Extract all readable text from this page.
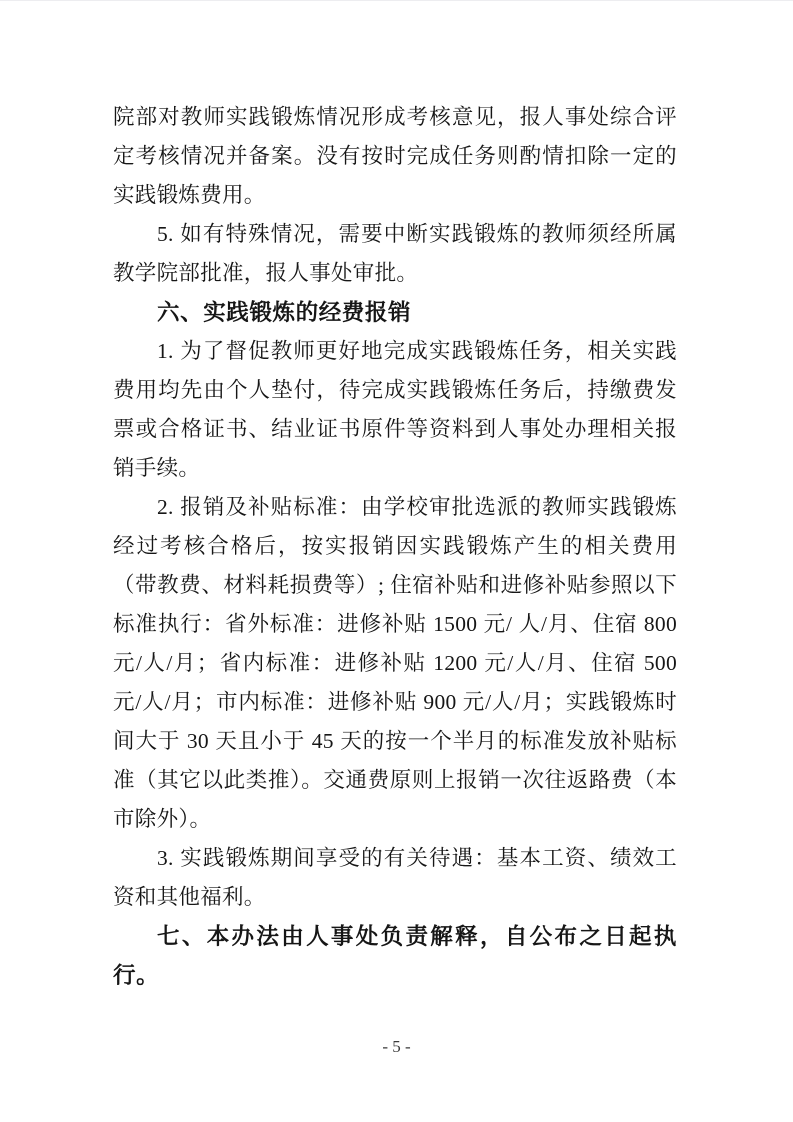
院部对教师实践锻炼情况形成考核意见，报人事处综合评定考核情况并备案。没有按时完成任务则酌情扣除一定的实践锻炼费用。

5. 如有特殊情况，需要中断实践锻炼的教师须经所属教学院部批准，报人事处审批。

六、实践锻炼的经费报销

1. 为了督促教师更好地完成实践锻炼任务，相关实践费用均先由个人垫付，待完成实践锻炼任务后，持缴费发票或合格证书、结业证书原件等资料到人事处办理相关报销手续。

2. 报销及补贴标准：由学校审批选派的教师实践锻炼经过考核合格后，按实报销因实践锻炼产生的相关费用（带教费、材料耗损费等）; 住宿补贴和进修补贴参照以下标准执行：省外标准：进修补贴 1500 元/ 人/月、住宿 800 元/人/月；省内标准：进修补贴 1200 元/人/月、住宿 500 元/人/月；市内标准：进修补贴 900 元/人/月；实践锻炼时间大于 30 天且小于 45 天的按一个半月的标准发放补贴标准（其它以此类推）。交通费原则上报销一次往返路费（本市除外）。

3. 实践锻炼期间享受的有关待遇：基本工资、绩效工资和其他福利。

七、本办法由人事处负责解释，自公布之日起执行。

- 5 -
